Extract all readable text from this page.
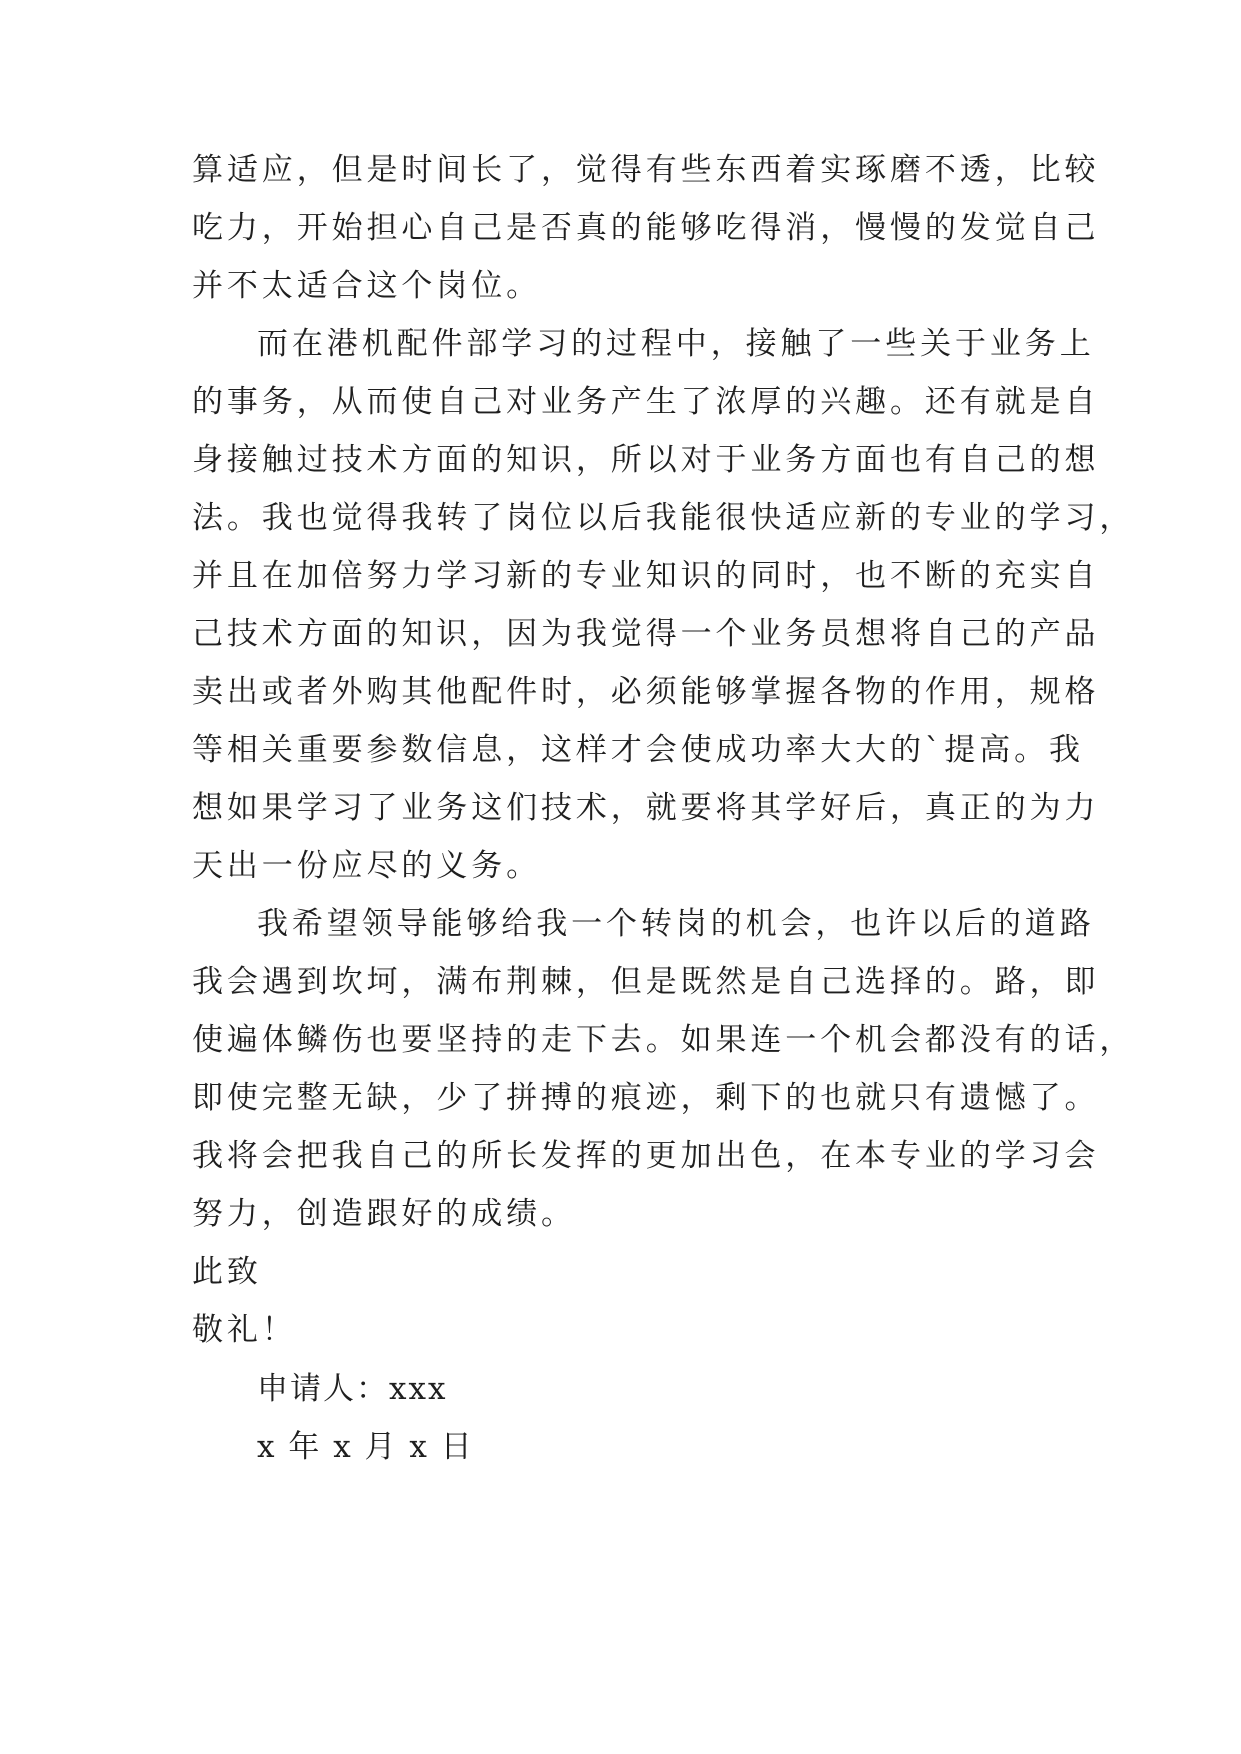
算适应，但是时间长了，觉得有些东西着实琢磨不透，比较

吃力，开始担心自己是否真的能够吃得消，慢慢的发觉自己

并不太适合这个岗位。

而在港机配件部学习的过程中，接触了一些关于业务上

的事务，从而使自己对业务产生了浓厚的兴趣。还有就是自

身接触过技术方面的知识，所以对于业务方面也有自己的想

法。我也觉得我转了岗位以后我能很快适应新的专业的学习，

并且在加倍努力学习新的专业知识的同时，也不断的充实自

己技术方面的知识，因为我觉得一个业务员想将自己的产品

卖出或者外购其他配件时，必须能够掌握各物的作用，规格

等相关重要参数信息，这样才会使成功率大大的`提高。我

想如果学习了业务这们技术，就要将其学好后，真正的为力

天出一份应尽的义务。

我希望领导能够给我一个转岗的机会，也许以后的道路

我会遇到坎坷，满布荆棘，但是既然是自己选择的。路，即

使遍体鳞伤也要坚持的走下去。如果连一个机会都没有的话，

即使完整无缺，少了拼搏的痕迹，剩下的也就只有遗憾了。

我将会把我自己的所长发挥的更加出色，在本专业的学习会

努力，创造跟好的成绩。

此致

敬礼！

申请人：xxx

x 年 x 月 x 日
